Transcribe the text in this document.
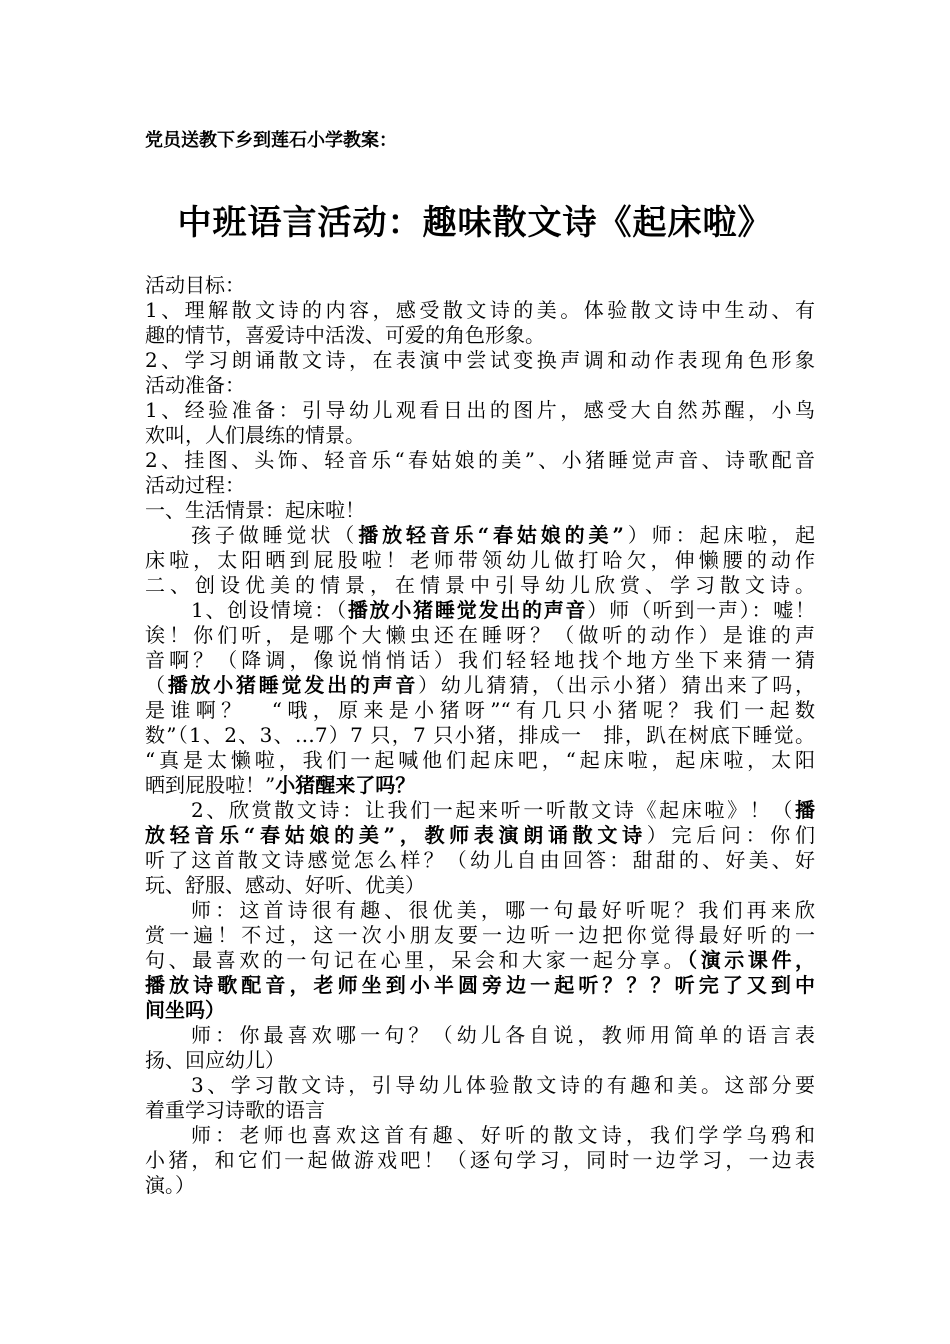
党员送教下乡到莲石小学教案：
中班语言活动：趣味散文诗《起床啦》
活动目标：
1、理解散文诗的内容，感受散文诗的美。体验散文诗中生动、有
趣的情节，喜爱诗中活泼、可爱的角色形象。
2、学习朗诵散文诗，在表演中尝试变换声调和动作表现角色形象
活动准备：
1、经验准备：引导幼儿观看日出的图片，感受大自然苏醒，小鸟
欢叫，人们晨练的情景。
2、挂图、头饰、轻音乐“春姑娘的美”、小猪睡觉声音、诗歌配音
活动过程：
一、生活情景：起床啦！
孩子做睡觉状（播放轻音乐“春姑娘的美”）师：起床啦，起
床啦，太阳晒到屁股啦！老师带领幼儿做打哈欠，伸懒腰的动作
二、创设优美的情景，在情景中引导幼儿欣赏、学习散文诗。
1、创设情境：（播放小猪睡觉发出的声音）师（听到一声）：嘘！
诶！你们听，是哪个大懒虫还在睡呀？（做听的动作）是谁的声
音啊？（降调，像说悄悄话）我们轻轻地找个地方坐下来猜一猜
（播放小猪睡觉发出的声音）幼儿猜猜，（出示小猪）猜出来了吗，
是谁啊？　“哦，原来是小猪呀”“有几只小猪呢？我们一起数
数”（1、2、3、…7）7 只，7 只小猪，排成一　排，趴在树底下睡觉。
“真是太懒啦，我们一起喊他们起床吧，“起床啦，起床啦，太阳
晒到屁股啦！”小猪醒来了吗？
2、欣赏散文诗：让我们一起来听一听散文诗《起床啦》！（播
放轻音乐“春姑娘的美”，教师表演朗诵散文诗）完后问：你们
听了这首散文诗感觉怎么样？（幼儿自由回答：甜甜的、好美、好
玩、舒服、感动、好听、优美）
师：这首诗很有趣、很优美，哪一句最好听呢？我们再来欣
赏一遍！不过，这一次小朋友要一边听一边把你觉得最好听的一
句、最喜欢的一句记在心里，呆会和大家一起分享。（演示课件，
播放诗歌配音，老师坐到小半圆旁边一起听？？？听完了又到中
间坐吗）
师：你最喜欢哪一句？（幼儿各自说，教师用简单的语言表
扬、回应幼儿）
3、学习散文诗，引导幼儿体验散文诗的有趣和美。这部分要
着重学习诗歌的语言
师：老师也喜欢这首有趣、好听的散文诗，我们学学乌鸦和
小猪，和它们一起做游戏吧！（逐句学习，同时一边学习，一边表
演。）
